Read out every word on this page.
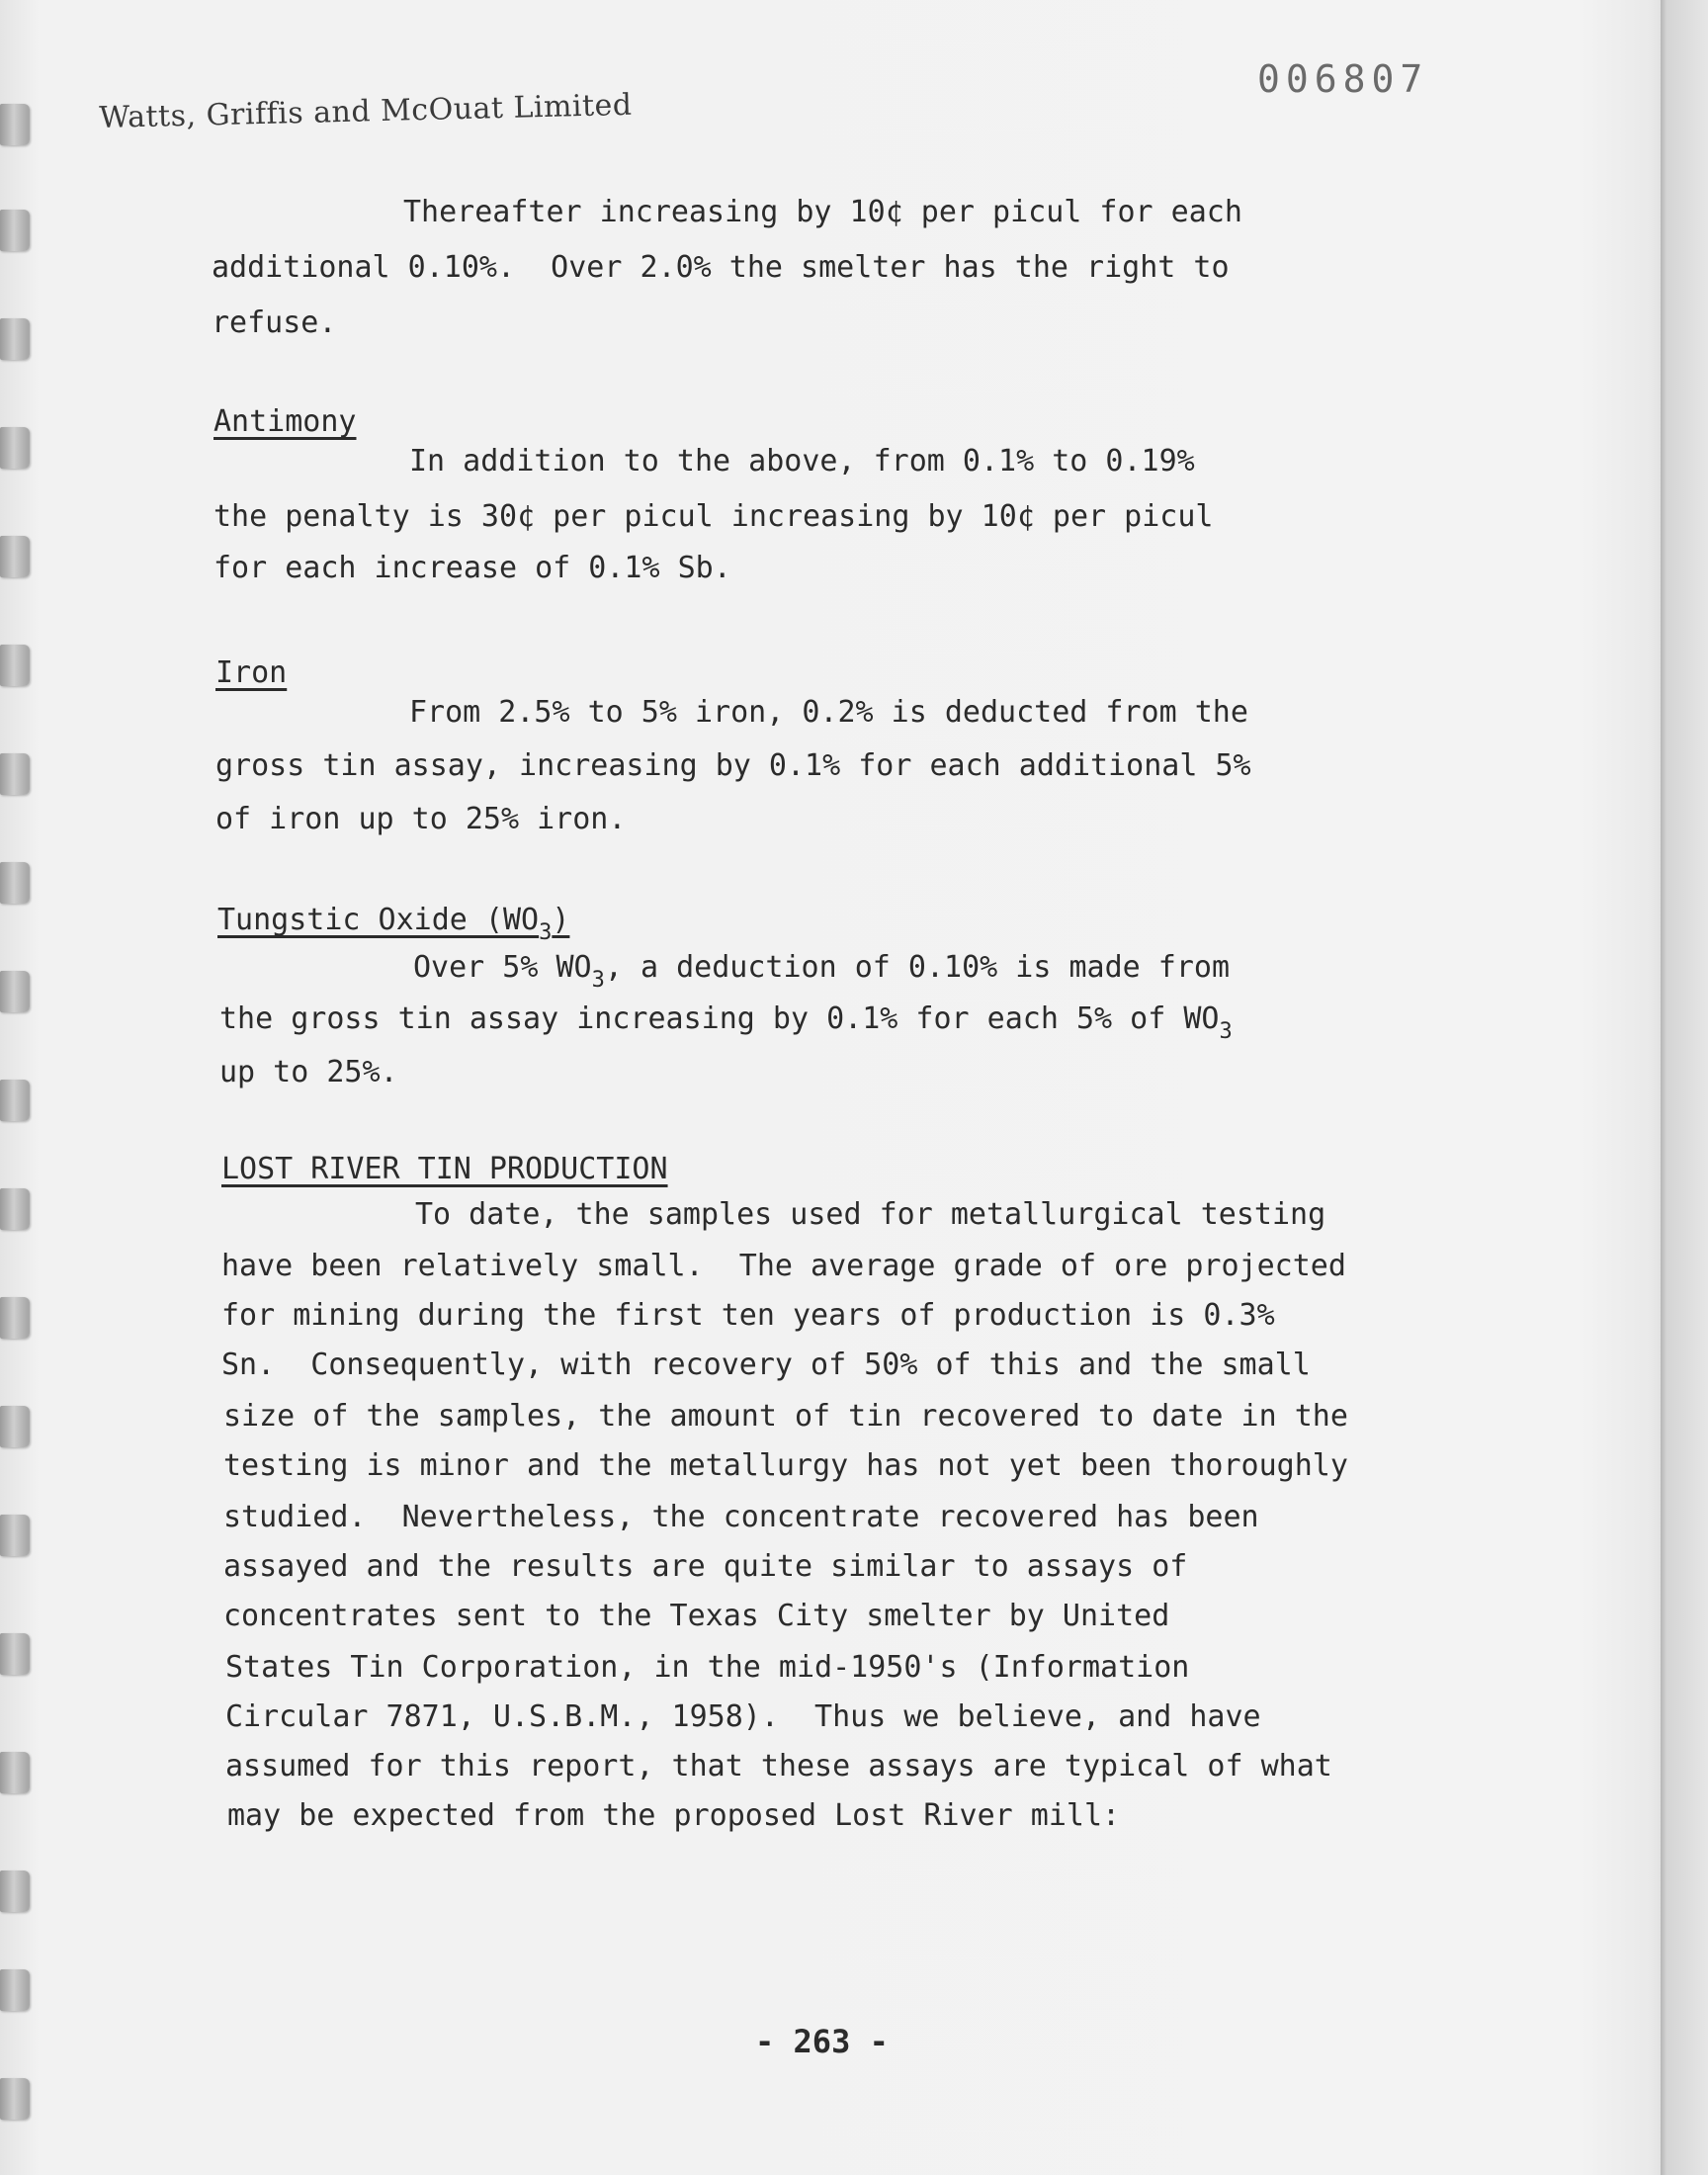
Watts, Griffis and McOuat Limited
006807
Thereafter increasing by 10¢ per picul for each
additional 0.10%.  Over 2.0% the smelter has the right to
refuse.
Antimony
In addition to the above, from 0.1% to 0.19%
the penalty is 30¢ per picul increasing by 10¢ per picul
for each increase of 0.1% Sb.
Iron
From 2.5% to 5% iron, 0.2% is deducted from the
gross tin assay, increasing by 0.1% for each additional 5%
of iron up to 25% iron.
Tungstic Oxide $(WO_3)$
Over 5% $WO_3$, a deduction of 0.10% is made from
the gross tin assay increasing by 0.1% for each 5% of $WO_3$
up to 25%.
LOST RIVER TIN PRODUCTION
To date, the samples used for metallurgical testing
have been relatively small.  The average grade of ore projected
for mining during the first ten years of production is 0.3%
Sn.  Consequently, with recovery of 50% of this and the small
size of the samples, the amount of tin recovered to date in the
testing is minor and the metallurgy has not yet been thoroughly
studied.  Nevertheless, the concentrate recovered has been
assayed and the results are quite similar to assays of
concentrates sent to the Texas City smelter by United
States Tin Corporation, in the mid-1950's (Information
Circular 7871, U.S.B.M., 1958).  Thus we believe, and have
assumed for this report, that these assays are typical of what
may be expected from the proposed Lost River mill:
- 263 -
